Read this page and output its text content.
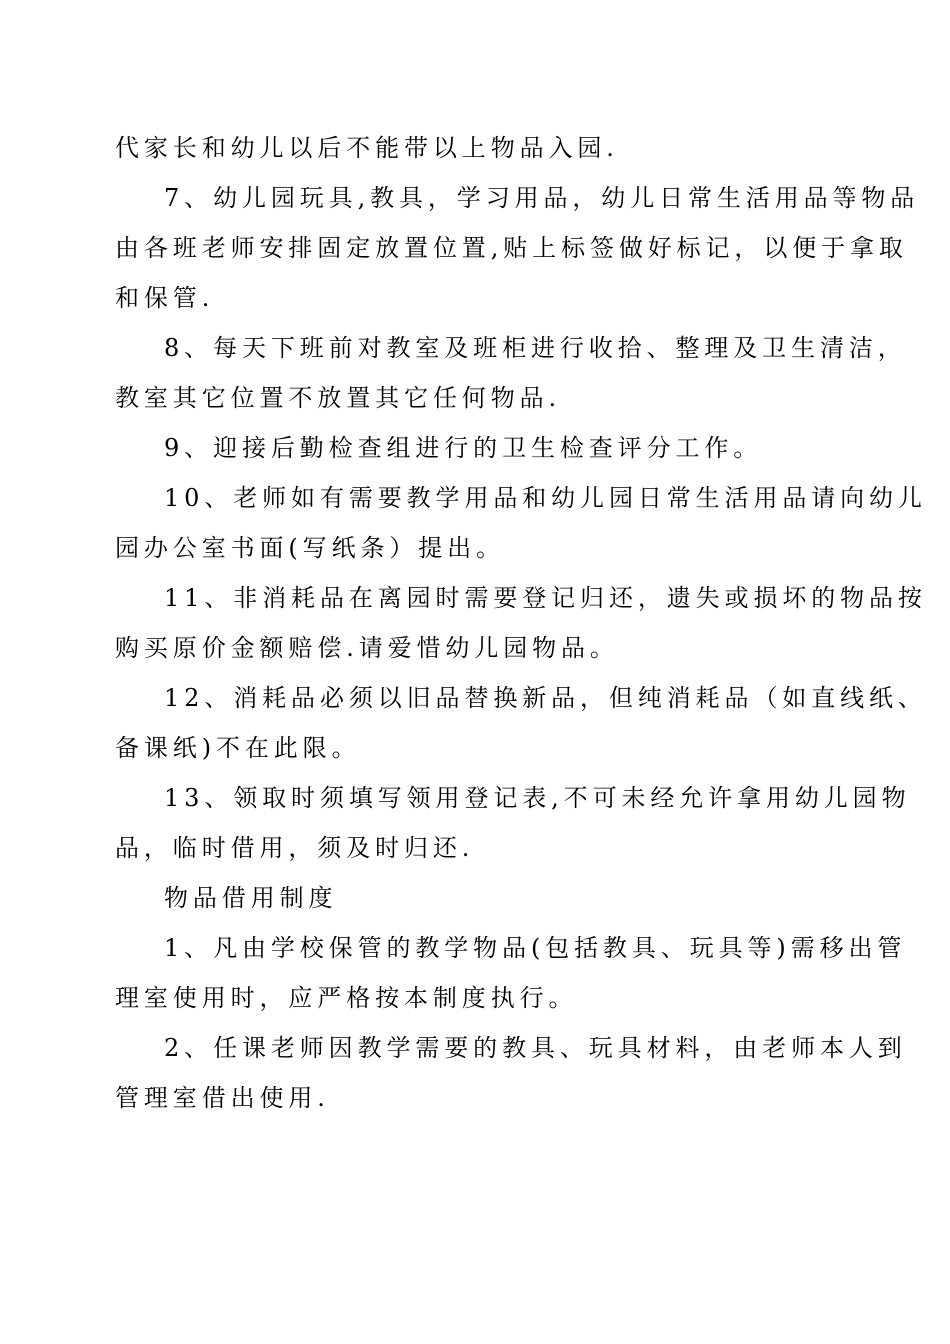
代家长和幼儿以后不能带以上物品入园.
7、幼儿园玩具,教具，学习用品，幼儿日常生活用品等物品
由各班老师安排固定放置位置,贴上标签做好标记，以便于拿取
和保管.
8、每天下班前对教室及班柜进行收拾、整理及卫生清洁，
教室其它位置不放置其它任何物品.
9、迎接后勤检查组进行的卫生检查评分工作。
10、老师如有需要教学用品和幼儿园日常生活用品请向幼儿
园办公室书面(写纸条）提出。
11、非消耗品在离园时需要登记归还，遗失或损坏的物品按
购买原价金额赔偿.请爱惜幼儿园物品。
12、消耗品必须以旧品替换新品，但纯消耗品（如直线纸、
备课纸)不在此限。
13、领取时须填写领用登记表,不可未经允许拿用幼儿园物
品，临时借用，须及时归还.
物品借用制度
1、凡由学校保管的教学物品(包括教具、玩具等)需移出管
理室使用时，应严格按本制度执行。
2、任课老师因教学需要的教具、玩具材料，由老师本人到
管理室借出使用.
